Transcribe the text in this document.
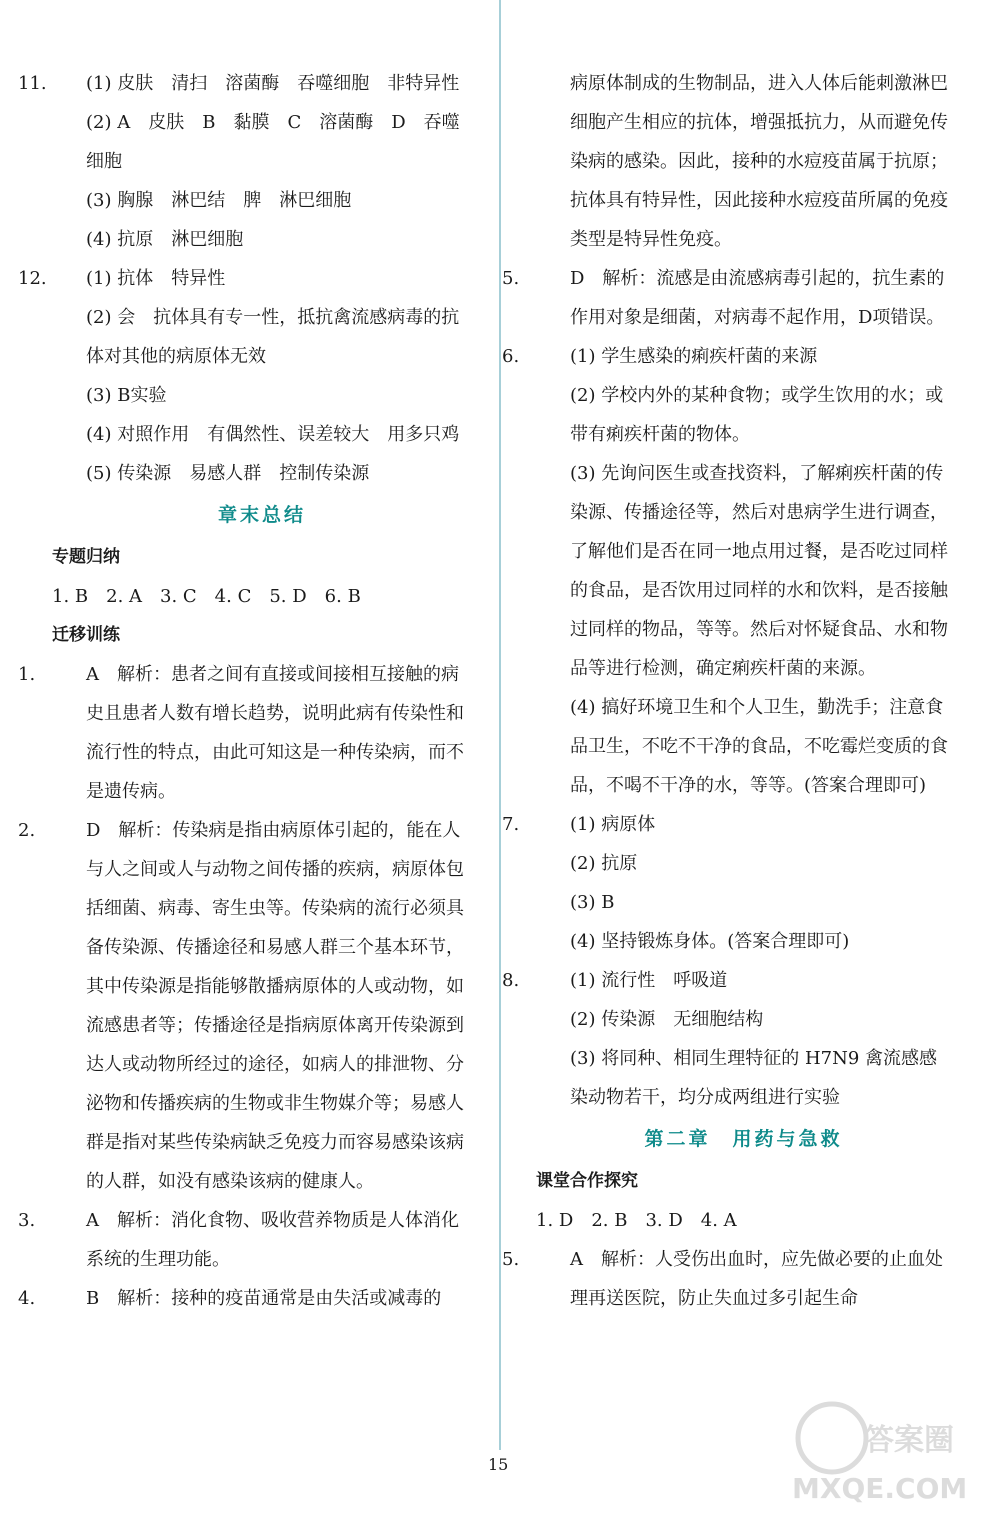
11. (1) 皮肤　清扫　溶菌酶　吞噬细胞　非特异性

(2) A　皮肤　B　黏膜　C　溶菌酶　D　吞噬细胞

(3) 胸腺　淋巴结　脾　淋巴细胞

(4) 抗原　淋巴细胞

12. (1) 抗体　特异性

(2) 会　抗体具有专一性，抵抗禽流感病毒的抗体对其他的病原体无效

(3) B实验

(4) 对照作用　有偶然性、误差较大　用多只鸡

(5) 传染源　易感人群　控制传染源

章末总结
专题归纳

1. B　2. A　3. C　4. C　5. D　6. B

迁移训练

1.	A　解析：患者之间有直接或间接相互接触的病史且患者人数有增长趋势，说明此病有传染性和流行性的特点，由此可知这是一种传染病，而不是遗传病。

2.	D　解析：传染病是指由病原体引起的，能在人与人之间或人与动物之间传播的疾病，病原体包括细菌、病毒、寄生虫等。传染病的流行必须具备传染源、传播途径和易感人群三个基本环节，其中传染源是指能够散播病原体的人或动物，如流感患者等；传播途径是指病原体离开传染源到达人或动物所经过的途径，如病人的排泄物、分泌物和传播疾病的生物或非生物媒介等；易感人群是指对某些传染病缺乏免疫力而容易感染该病的人群，如没有感染该病的健康人。

3.	A　解析：消化食物、吸收营养物质是人体消化系统的生理功能。

4.	B　解析：接种的疫苗通常是由失活或减毒的

病原体制成的生物制品，进入人体后能刺激淋巴细胞产生相应的抗体，增强抵抗力，从而避免传染病的感染。因此，接种的水痘疫苗属于抗原；抗体具有特异性，因此接种水痘疫苗所属的免疫类型是特异性免疫。

5.	D　解析：流感是由流感病毒引起的，抗生素的作用对象是细菌，对病毒不起作用，D项错误。

6.	(1) 学生感染的痢疾杆菌的来源

(2) 学校内外的某种食物；或学生饮用的水；或带有痢疾杆菌的物体。

(3) 先询问医生或查找资料，了解痢疾杆菌的传染源、传播途径等，然后对患病学生进行调查，了解他们是否在同一地点用过餐，是否吃过同样的食品，是否饮用过同样的水和饮料，是否接触过同样的物品，等等。然后对怀疑食品、水和物品等进行检测，确定痢疾杆菌的来源。

(4) 搞好环境卫生和个人卫生，勤洗手；注意食品卫生，不吃不干净的食品，不吃霉烂变质的食品，不喝不干净的水，等等。(答案合理即可)

7.	(1) 病原体

(2) 抗原

(3) B

(4) 坚持锻炼身体。(答案合理即可)

8.	(1) 流行性　呼吸道

(2) 传染源　无细胞结构

(3) 将同种、相同生理特征的 H7N9 禽流感感染动物若干，均分成两组进行实验

第二章　用药与急救
课堂合作探究

1. D　2. B　3. D　4. A

5.	A　解析：人受伤出血时，应先做必要的止血处理再送医院，防止失血过多引起生命

15
答案圈
MXQE.COM
